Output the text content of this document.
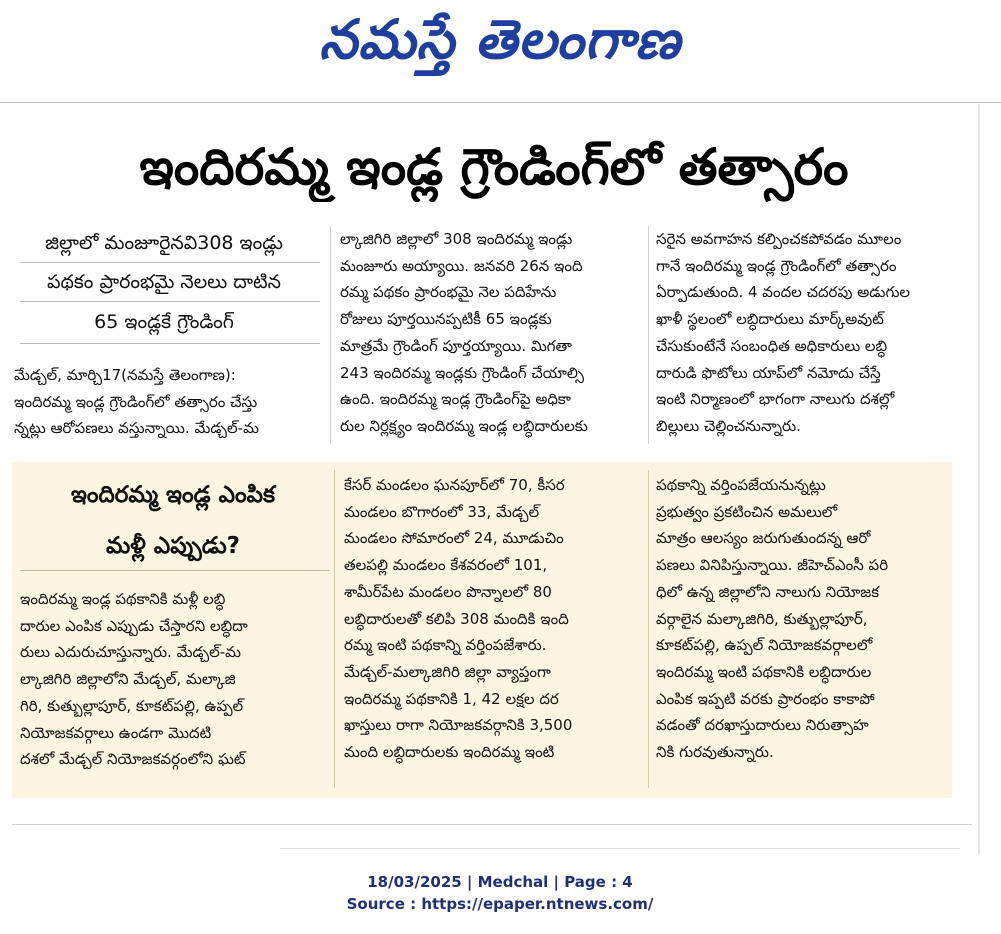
నమస్తే తెలంగాణ
ఇందిరమ్మ ఇండ్ల గ్రౌండింగ్‌లో తత్సారం
జిల్లాలో మంజూరైనవి308 ఇండ్లు
పథకం ప్రారంభమై నెలలు దాటిన
65 ఇండ్లకే గ్రౌండింగ్
మేడ్చల్, మార్చి17(నమస్తే తెలంగాణ):
ఇందిరమ్మ ఇండ్ల గ్రౌండింగ్‌లో తత్సారం చేస్తు
న్నట్లు ఆరోపణలు వస్తున్నాయి. మేడ్చల్-మ
ల్కాజిగిరి జిల్లాలో 308 ఇందిరమ్మ ఇండ్లు
మంజూరు అయ్యాయి. జనవరి 26న ఇంది
రమ్మ పథకం ప్రారంభమై నెల పదిహేను
రోజులు పూర్తయినప్పటికీ 65 ఇండ్లకు
మాత్రమే గ్రౌండింగ్ పూర్తయ్యాయి. మిగతా
243 ఇందిరమ్మ ఇండ్లకు గ్రౌండింగ్ చేయాల్సి
ఉంది. ఇందిరమ్మ ఇండ్ల గ్రౌండింగ్‌పై అధికా
రుల నిర్లక్ష్యం ఇందిరమ్మ ఇండ్ల లబ్ధిదారులకు
సరైన అవగాహన కల్పించకపోవడం మూలం
గానే ఇందిరమ్మ ఇండ్ల గ్రౌండింగ్‌లో తత్సారం
ఏర్పాడుతుంది. 4 వందల చదరపు అడుగుల
ఖాళీ స్థలంలో లబ్ధిదారులు మార్క్‌అవుట్
చేసుకుంటేనే సంబంధిత అధికారులు లబ్ధి
దారుడి ఫొటోలు యాప్‌లో నమోదు చేస్తే
ఇంటి నిర్మాణంలో భాగంగా నాలుగు దశల్లో
బిల్లులు చెల్లించనున్నారు.
ఇందిరమ్మ ఇండ్ల ఎంపిక
మళ్లీ ఎప్పుడు?
ఇందిరమ్మ ఇండ్ల పథకానికి మళ్లీ లబ్ధి
దారుల ఎంపిక ఎప్పుడు చేస్తారని లబ్ధిదా
రులు ఎదురుచూస్తున్నారు. మేడ్చల్-మ
ల్కాజిగిరి జిల్లాలోని మేడ్చల్, మల్కాజి
గిరి, కుత్బుల్లాపూర్, కూకట్‌పల్లి, ఉప్పల్
నియోజకవర్గాలు ఉండగా మొదటి
దశలో మేడ్చల్ నియోజకవర్గంలోని ఘట్
కేసర్ మండలం ఘనపూర్‌లో 70, కీసర
మండలం బొగారంలో 33, మేడ్చల్
మండలం సోమారంలో 24, మూడుచిం
తలపల్లి మండలం కేశవరంలో 101,
శామీర్‌పేట మండలం పొన్నాలలో 80
లబ్ధిదారులతో కలిపి 308 మందికి ఇంది
రమ్మ ఇంటి పథకాన్ని వర్తింపజేశారు.
మేడ్చల్-మల్కాజిగిరి జిల్లా వ్యాప్తంగా
ఇందిరమ్మ పథకానికి 1, 42 లక్షల దర
ఖాస్తులు రాగా నియోజకవర్గానికి 3,500
మంది లబ్ధిదారులకు ఇందిరమ్మ ఇంటి
పథకాన్ని వర్తింపజేయనున్నట్లు
ప్రభుత్వం ప్రకటించిన అమలులో
మాత్రం ఆలస్యం జరుగుతుందన్న ఆరో
పణలు వినిపిస్తున్నాయి. జీహెచ్‌ఎంసీ పరి
ధిలో ఉన్న జిల్లాలోని నాలుగు నియోజక
వర్గాలైన మల్కాజిగిరి, కుత్బుల్లాపూర్,
కూకట్‌పల్లి, ఉప్పల్ నియోజకవర్గాలలో
ఇందిరమ్మ ఇంటి పథకానికి లబ్ధిదారుల
ఎంపిక ఇప్పటి వరకు ప్రారంభం కాకాపో
వడంతో దరఖాస్తుదారులు నిరుత్సాహ
నికి గురవుతున్నారు.
18/03/2025 | Medchal | Page : 4
Source : https://epaper.ntnews.com/
